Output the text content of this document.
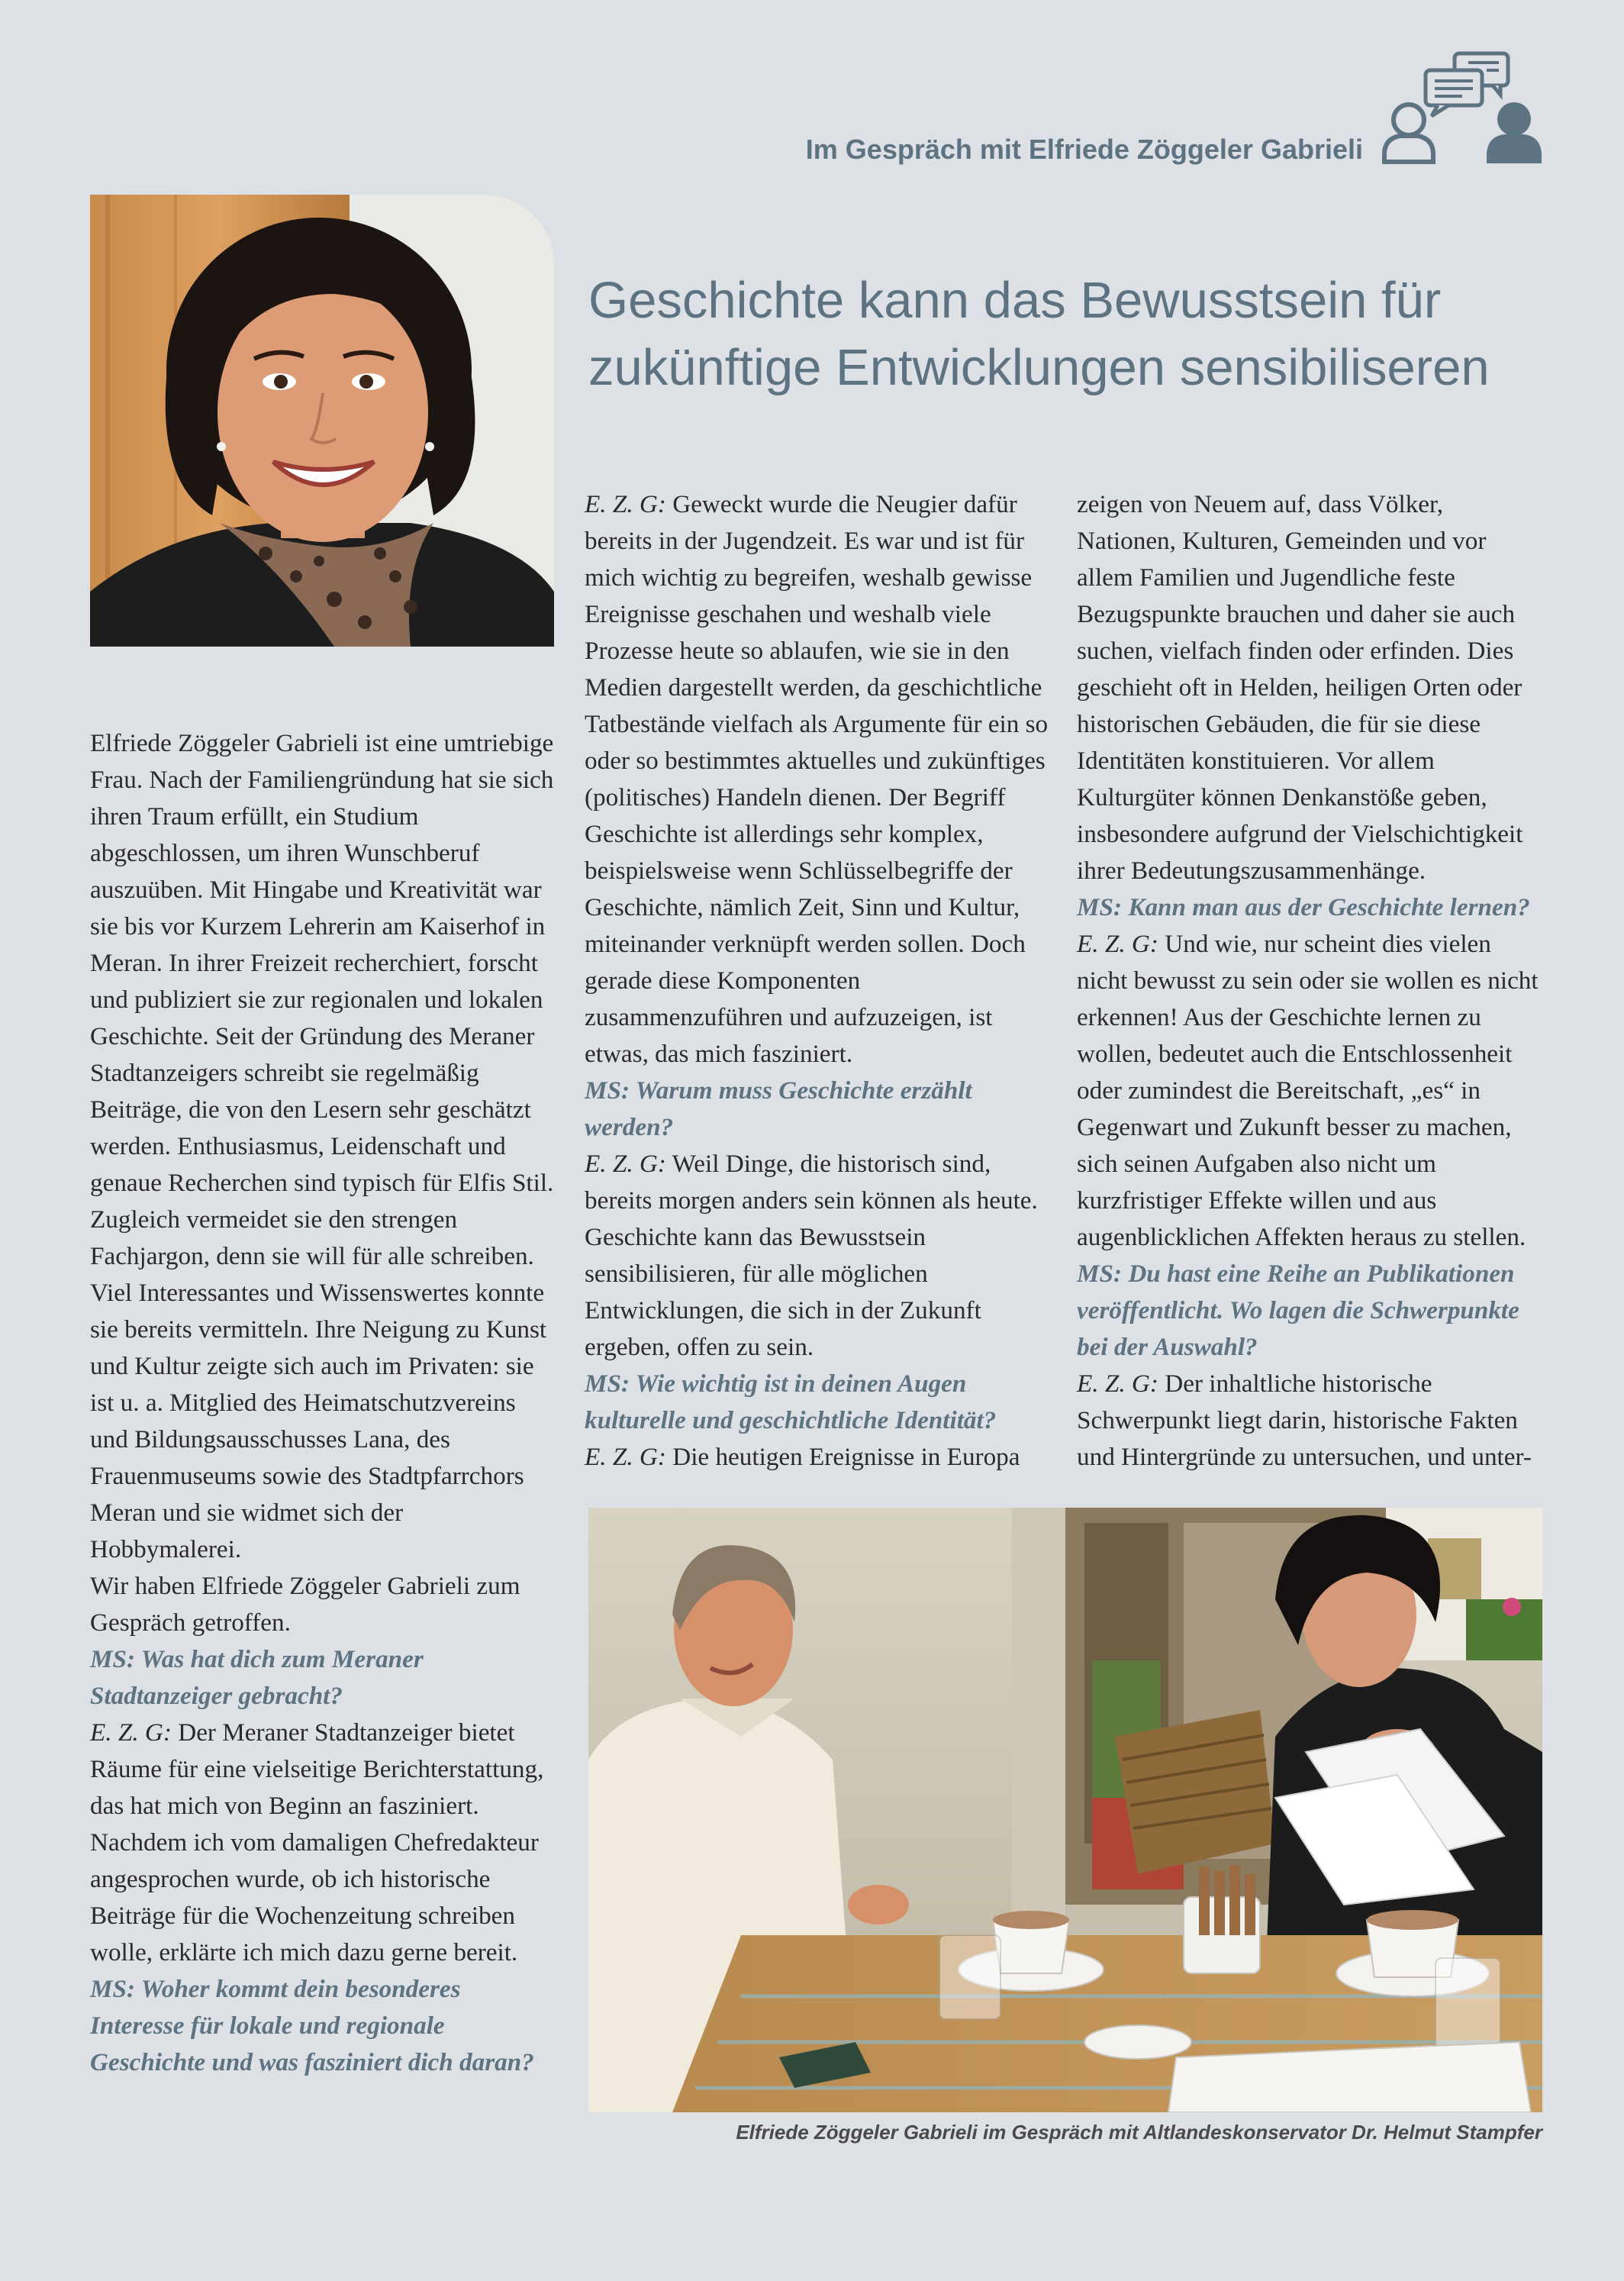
Im Gespräch mit Elfriede Zöggeler Gabrieli
Geschichte kann das Bewusstsein für
zukünftige Entwicklungen sensibiliseren

Elfriede Zöggeler Gabrieli ist eine umtriebige Frau. Nach der Familiengründung hat sie sich ihren Traum erfüllt, ein Studium abgeschlossen, um ihren Wunschberuf auszuüben. Mit Hingabe und Kreativität war sie bis vor Kurzem Lehrerin am Kaiserhof in Meran. In ihrer Freizeit recherchiert, forscht und publiziert sie zur regionalen und lokalen Geschichte. Seit der Gründung des Meraner Stadtanzeigers schreibt sie regelmäßig Beiträge, die von den Lesern sehr geschätzt werden. Enthusiasmus, Leidenschaft und genaue Recherchen sind typisch für Elfis Stil. Zugleich vermeidet sie den strengen Fachjargon, denn sie will für alle schreiben. Viel Interessantes und Wissenswertes konnte sie bereits vermitteln. Ihre Neigung zu Kunst und Kultur zeigte sich auch im Privaten: sie ist u. a. Mitglied des Heimatschutzvereins und Bildungsausschusses Lana, des Frauenmuseums sowie des Stadtpfarrchors Meran und sie widmet sich der Hobbymalerei.

Wir haben Elfriede Zöggeler Gabrieli zum Gespräch getroffen.

MS: Was hat dich zum Meraner Stadtanzeiger gebracht?

E. Z. G: Der Meraner Stadtanzeiger bietet Räume für eine vielseitige Berichterstattung, das hat mich von Beginn an fasziniert. Nachdem ich vom damaligen Chefredakteur angesprochen wurde, ob ich historische Beiträge für die Wochenzeitung schreiben wolle, erklärte ich mich dazu gerne bereit.

MS: Woher kommt dein besonderes Interesse für lokale und regionale Geschichte und was fasziniert dich daran?

E. Z. G: Geweckt wurde die Neugier dafür bereits in der Jugendzeit. Es war und ist für mich wichtig zu begreifen, weshalb gewisse Ereignisse geschahen und weshalb viele Prozesse heute so ablaufen, wie sie in den Medien dargestellt werden, da geschichtliche Tatbestände vielfach als Argumente für ein so oder so bestimmtes aktuelles und zukünftiges (politisches) Handeln dienen. Der Begriff Geschichte ist allerdings sehr komplex, beispielsweise wenn Schlüsselbegriffe der Geschichte, nämlich Zeit, Sinn und Kultur, miteinander verknüpft werden sollen. Doch gerade diese Komponenten zusammenzuführen und aufzuzeigen, ist etwas, das mich fasziniert.

MS: Warum muss Geschichte erzählt werden?

E. Z. G: Weil Dinge, die historisch sind, bereits morgen anders sein können als heute. Geschichte kann das Bewusstsein sensibilisieren, für alle möglichen Entwicklungen, die sich in der Zukunft ergeben, offen zu sein.

MS: Wie wichtig ist in deinen Augen kulturelle und geschichtliche Identität?

E. Z. G: Die heutigen Ereignisse in Europa

zeigen von Neuem auf, dass Völker, Nationen, Kulturen, Gemeinden und vor allem Familien und Jugendliche feste Bezugspunkte brauchen und daher sie auch suchen, vielfach finden oder erfinden. Dies geschieht oft in Helden, heiligen Orten oder historischen Gebäuden, die für sie diese Identitäten konstituieren. Vor allem Kulturgüter können Denkanstöße geben, insbesondere aufgrund der Vielschichtigkeit ihrer Bedeutungszusammenhänge.

MS: Kann man aus der Geschichte lernen?

E. Z. G: Und wie, nur scheint dies vielen nicht bewusst zu sein oder sie wollen es nicht erkennen! Aus der Geschichte lernen zu wollen, bedeutet auch die Entschlossenheit oder zumindest die Bereitschaft, „es“ in Gegenwart und Zukunft besser zu machen, sich seinen Aufgaben also nicht um kurzfristiger Effekte willen und aus augenblicklichen Affekten heraus zu stellen.

MS: Du hast eine Reihe an Publikationen veröffentlicht. Wo lagen die Schwerpunkte bei der Auswahl?

E. Z. G: Der inhaltliche historische Schwerpunkt liegt darin, historische Fakten und Hintergründe zu untersuchen, und unter-

Elfriede Zöggeler Gabrieli im Gespräch mit Altlandeskonservator Dr. Helmut Stampfer
